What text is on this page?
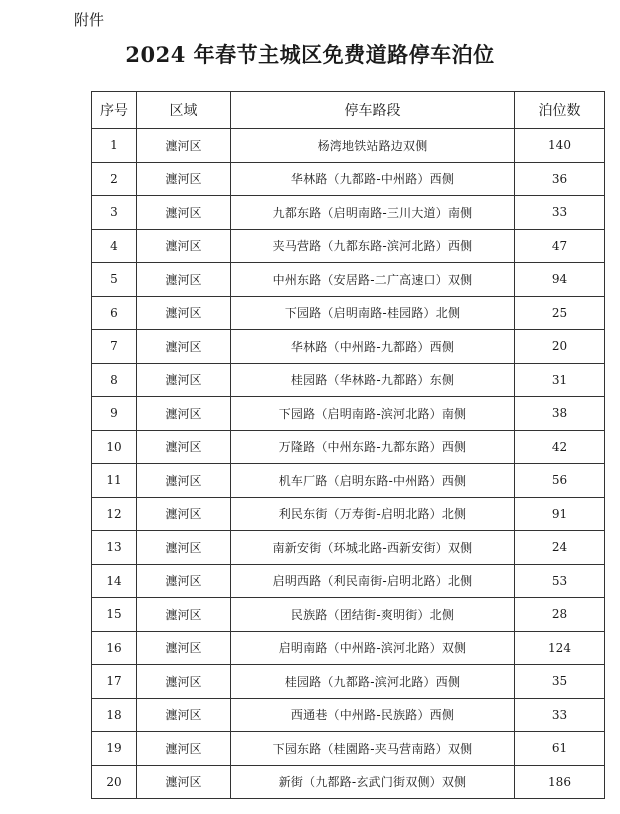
附件
2024 年春节主城区免费道路停车泊位
序号	区域	停车路段	泊位数
1	瀍河区	杨湾地铁站路边双侧	140
2	瀍河区	华林路（九都路-中州路）西侧	36
3	瀍河区	九都东路（启明南路-三川大道）南侧	33
4	瀍河区	夹马营路（九都东路-滨河北路）西侧	47
5	瀍河区	中州东路（安居路-二广高速口）双侧	94
6	瀍河区	下园路（启明南路-桂园路）北侧	25
7	瀍河区	华林路（中州路-九都路）西侧	20
8	瀍河区	桂园路（华林路-九都路）东侧	31
9	瀍河区	下园路（启明南路-滨河北路）南侧	38
10	瀍河区	万隆路（中州东路-九都东路）西侧	42
11	瀍河区	机车厂路（启明东路-中州路）西侧	56
12	瀍河区	利民东街（万寿街-启明北路）北侧	91
13	瀍河区	南新安街（环城北路-西新安街）双侧	24
14	瀍河区	启明西路（利民南街-启明北路）北侧	53
15	瀍河区	民族路（团结街-爽明街）北侧	28
16	瀍河区	启明南路（中州路-滨河北路）双侧	124
17	瀍河区	桂园路（九都路-滨河北路）西侧	35
18	瀍河区	西通巷（中州路-民族路）西侧	33
19	瀍河区	下园东路（桂園路-夹马营南路）双侧	61
20	瀍河区	新街（九都路-玄武门街双侧）双侧	186
